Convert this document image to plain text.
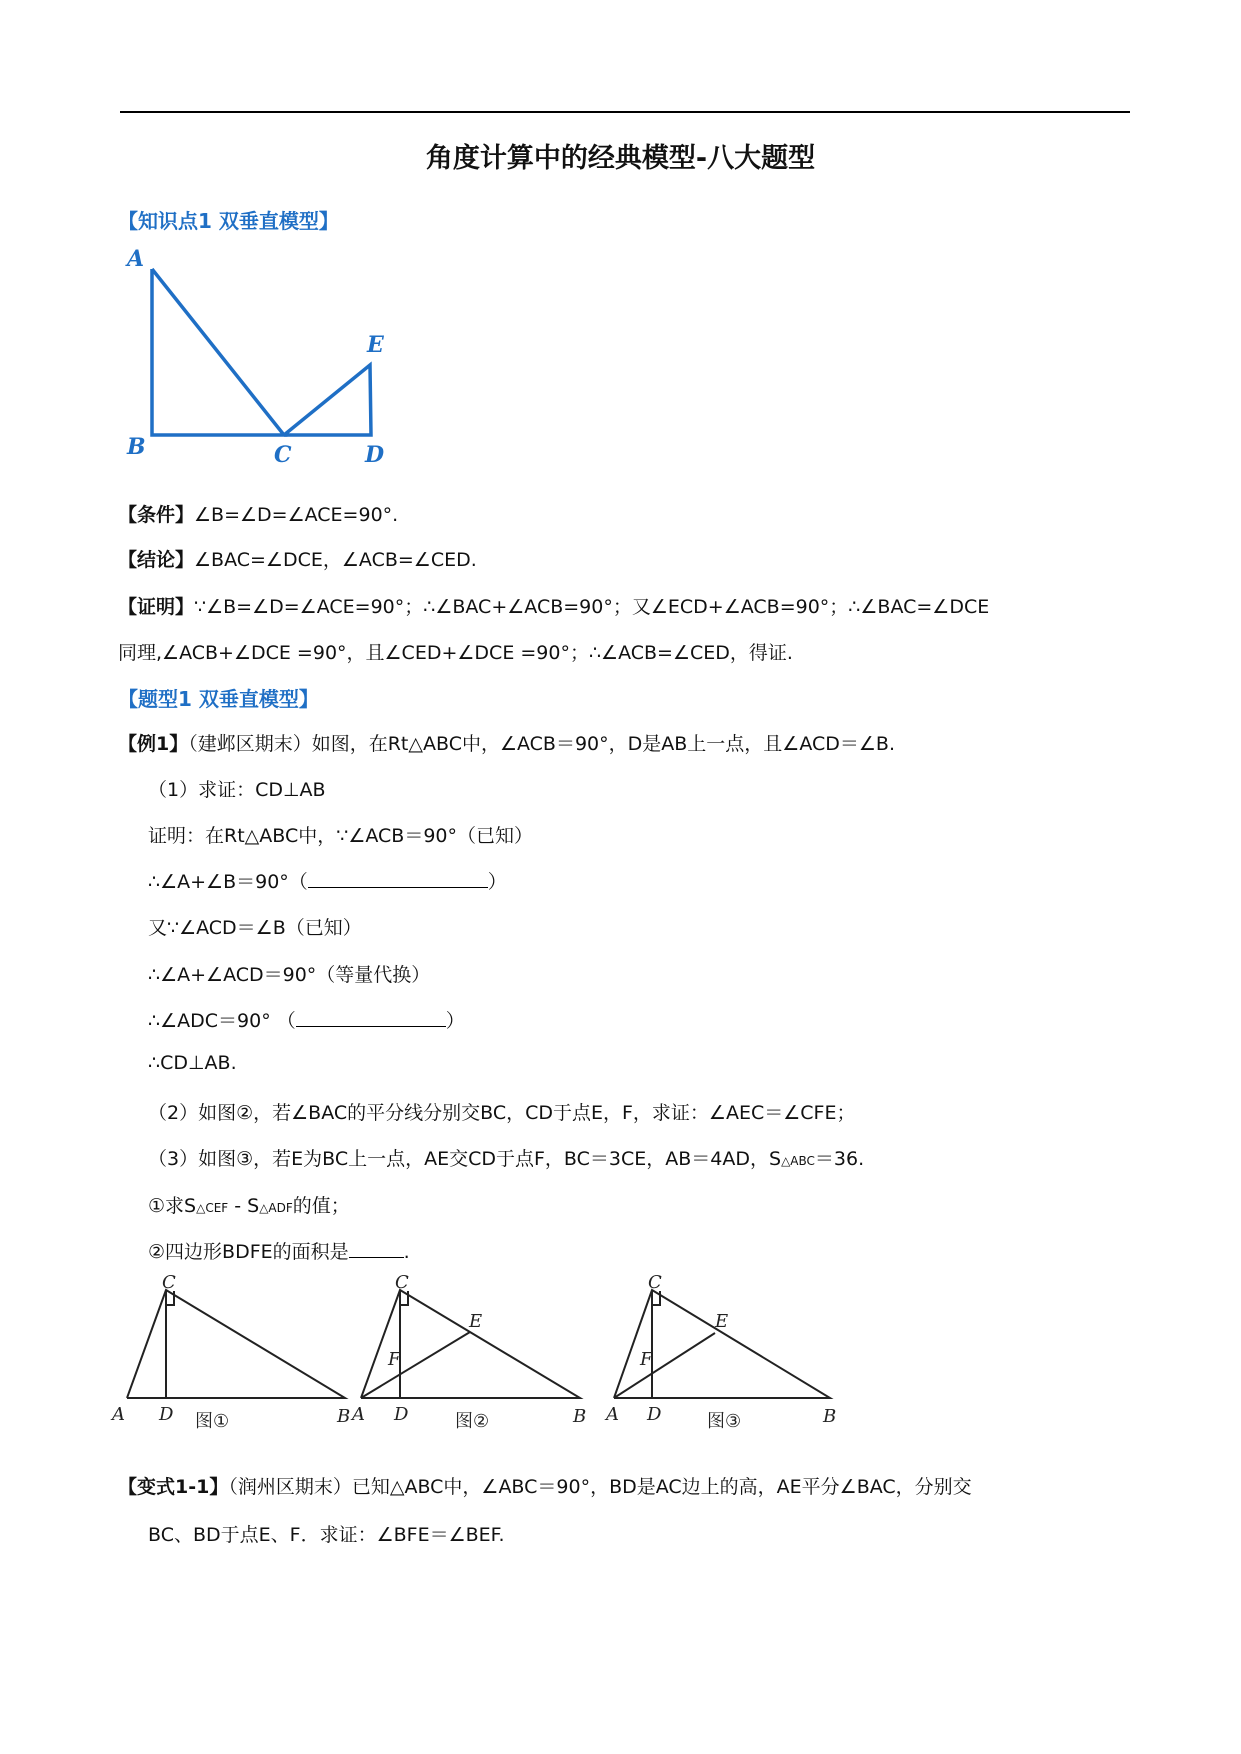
角度计算中的经典模型-八大题型
【知识点1 双垂直模型】
A
B	C	D
E
【条件】∠B=∠D=∠ACE=90°.
【结论】∠BAC=∠DCE，∠ACB=∠CED.
【证明】∵∠B=∠D=∠ACE=90°；∴∠BAC+∠ACB=90°；又∠ECD+∠ACB=90°；∴∠BAC=∠DCE
同理,∠ACB+∠DCE =90°，且∠CED+∠DCE =90°；∴∠ACB=∠CED，得证.
【题型1 双垂直模型】
【例1】（建邺区期末）如图，在Rt△ABC中，∠ACB＝90°，D是AB上一点，且∠ACD＝∠B.
（1）求证：CD⊥AB
证明：在Rt△ABC中，∵∠ACB＝90°（已知）
∴∠A+∠B＝90°（	）
又∵∠ACD＝∠B（已知）
∴∠A+∠ACD＝90°（等量代换）
∴∠ADC＝90° （	）
∴CD⊥AB.
（2）如图②，若∠BAC的平分线分别交BC，CD于点E，F，求证：∠AEC＝∠CFE；
（3）如图③，若E为BC上一点，AE交CD于点F，BC＝3CE，AB＝4AD，S△ABC＝36.
①求S△CEF - S△ADF的值；
②四边形BDFE的面积是	.
C
A D	B
C
A D	B
E
F
C
A D	B
E
F
图①	图②	图③
【变式1-1】（润州区期末）已知△ABC中，∠ABC＝90°，BD是AC边上的高，AE平分∠BAC，分别交
BC、BD于点E、F．求证：∠BFE＝∠BEF.
